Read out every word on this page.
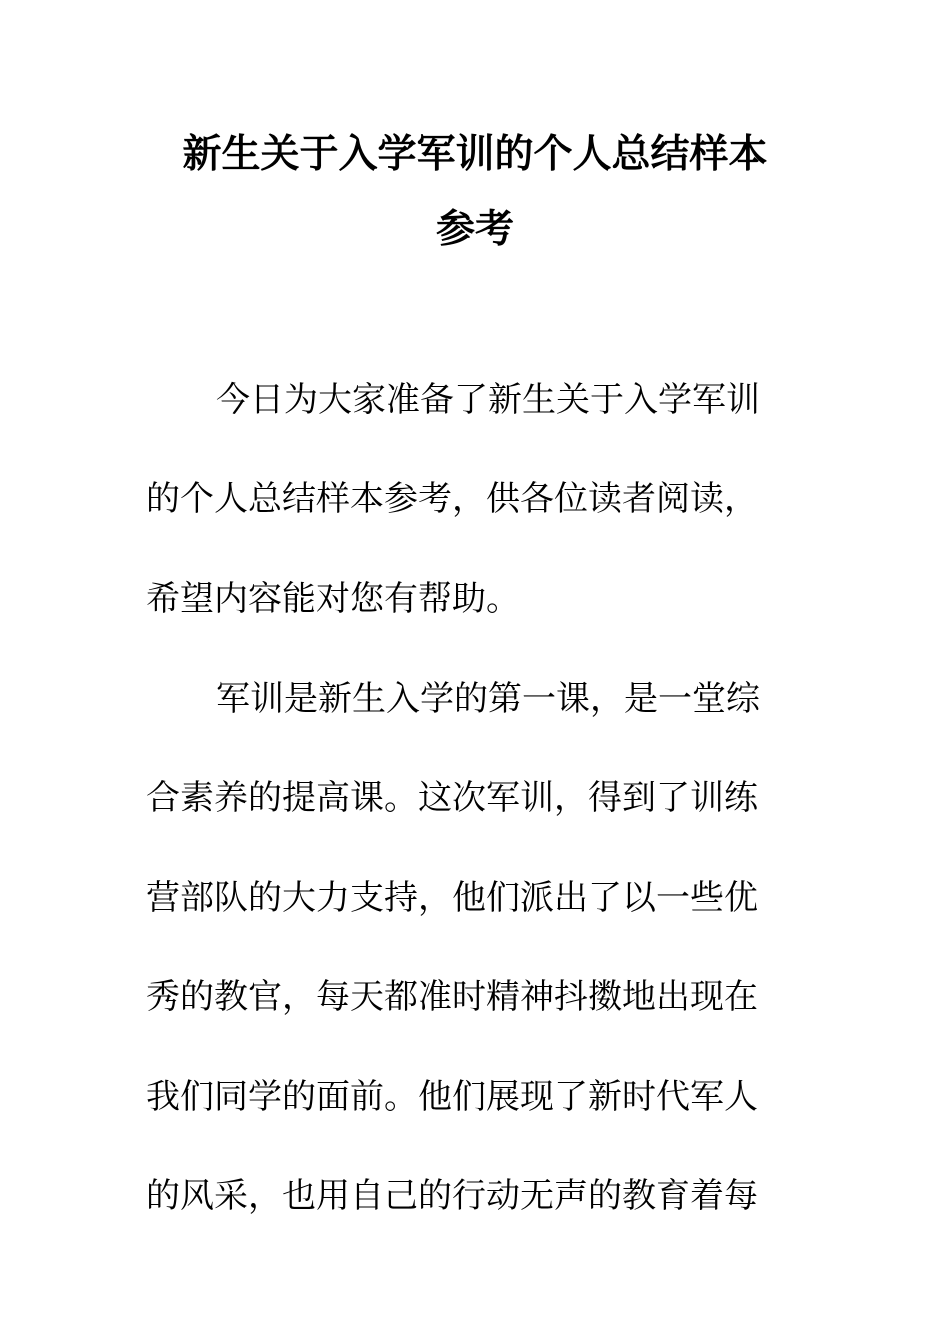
新生关于入学军训的个人总结样本
参考
今日为大家准备了新生关于入学军训
的个人总结样本参考，供各位读者阅读，
希望内容能对您有帮助。
军训是新生入学的第一课，是一堂综
合素养的提高课。这次军训，得到了训练
营部队的大力支持，他们派出了以一些优
秀的教官，每天都准时精神抖擞地出现在
我们同学的面前。他们展现了新时代军人
的风采，也用自己的行动无声的教育着每
